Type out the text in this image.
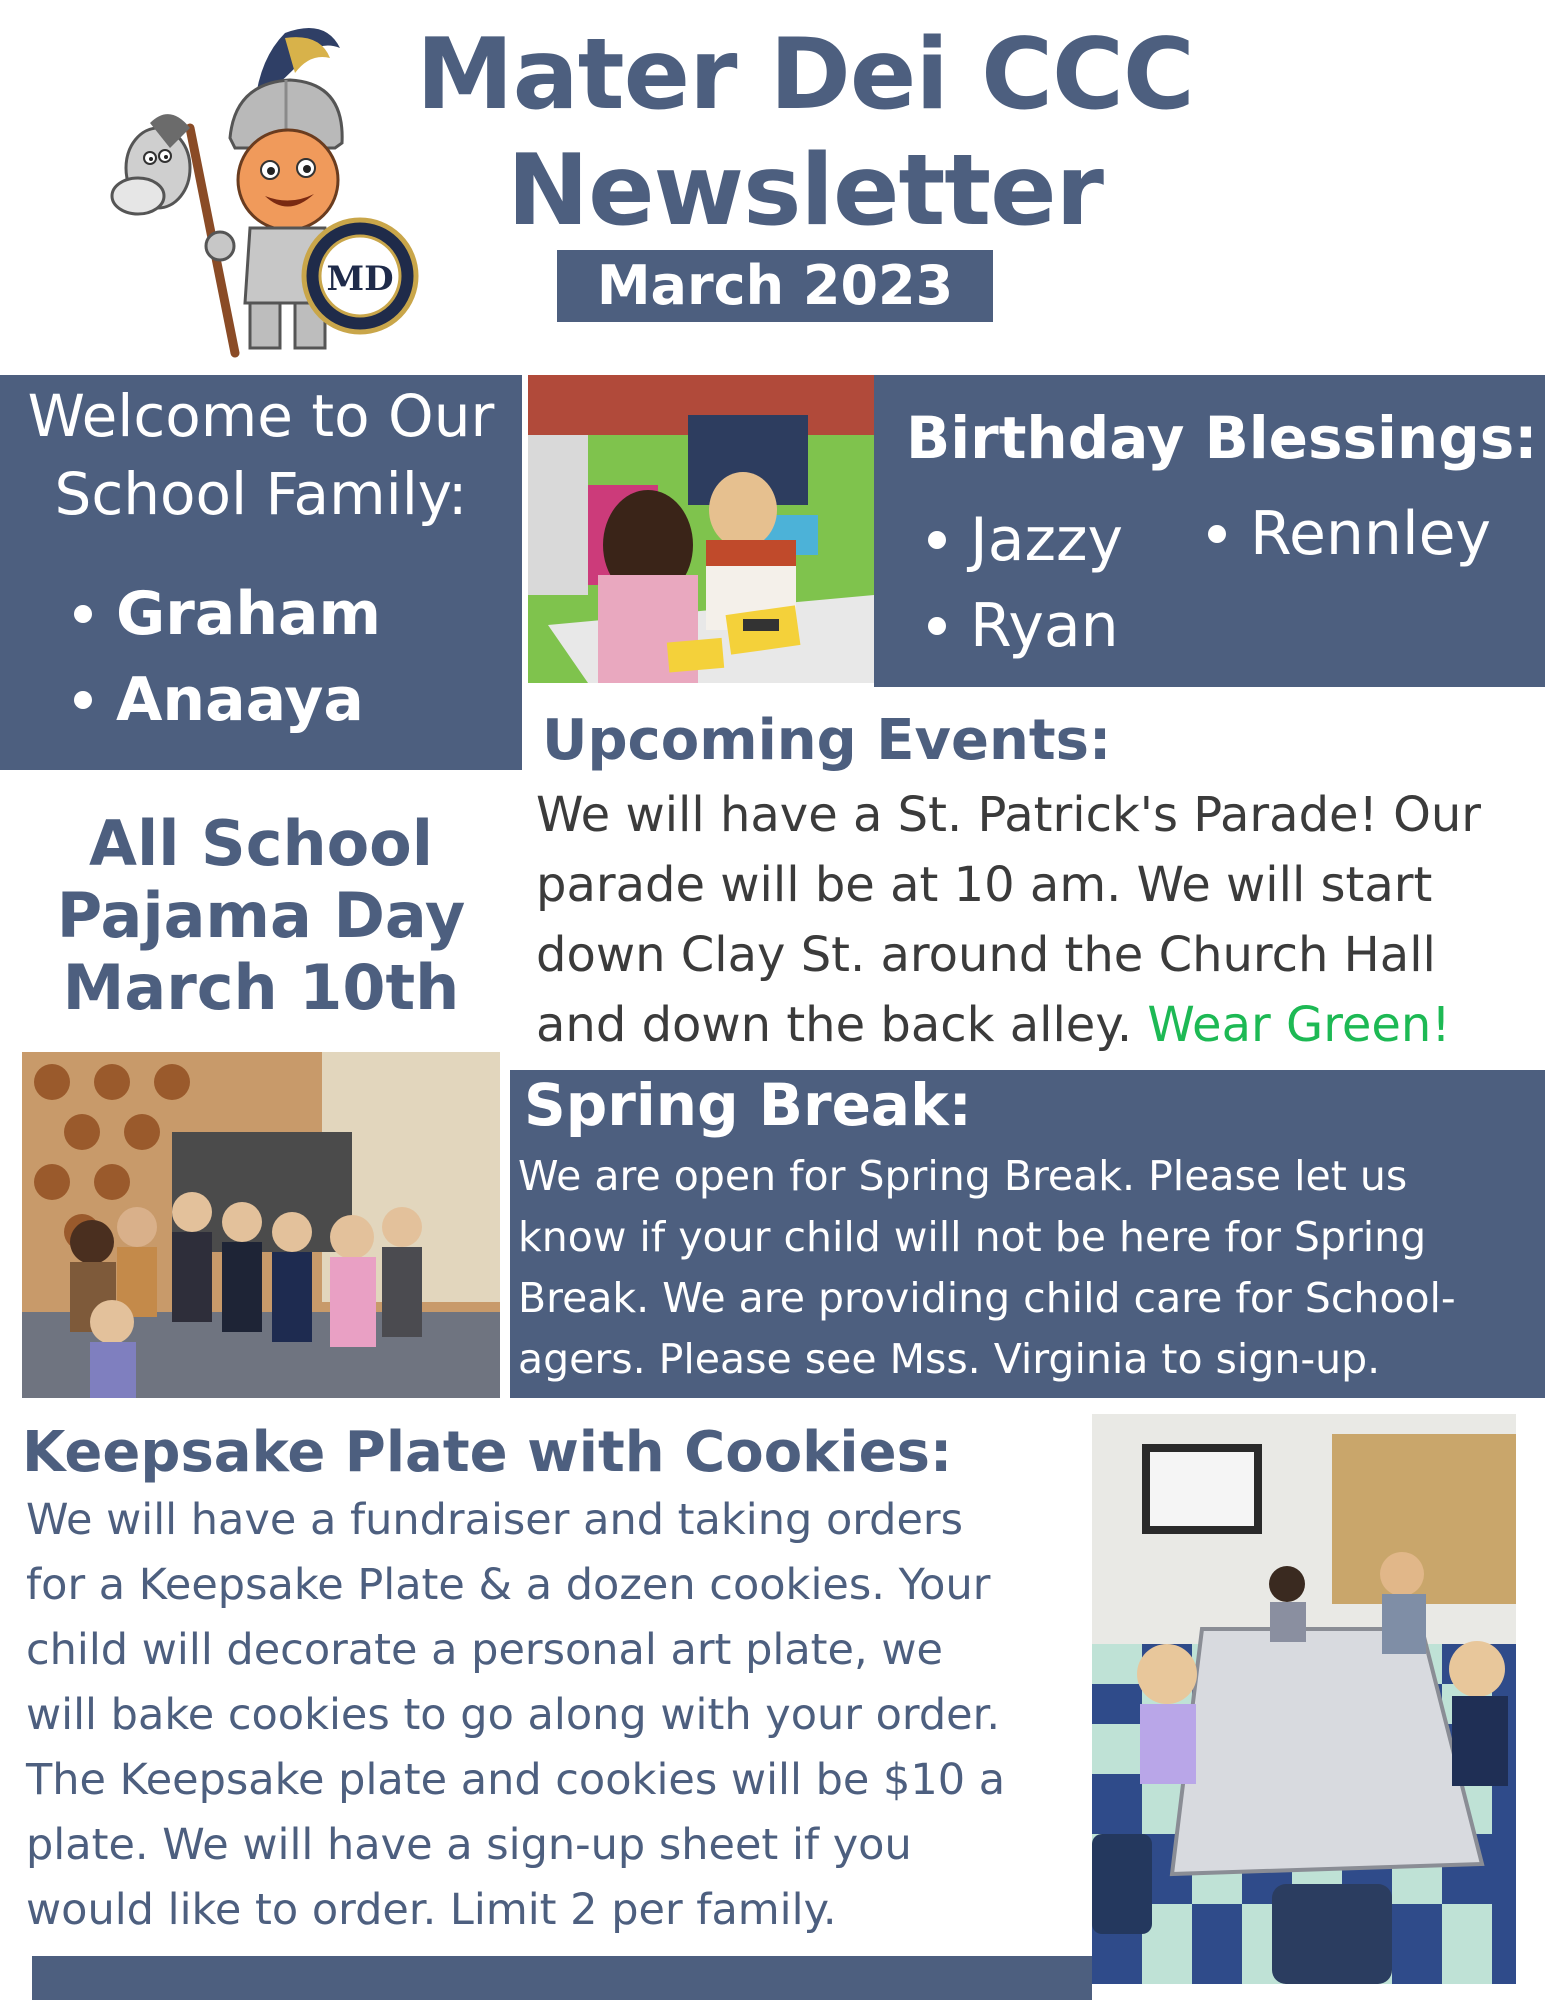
MD
Mater Dei CCC
Newsletter
March 2023
Welcome to Our
School Family:
Graham
Anaaya
Birthday Blessings:
Jazzy
Ryan
Rennley
Upcoming Events:
We will have a St. Patrick's Parade! Our
parade will be at 10 am. We will start
down Clay St. around the Church Hall
and down the back alley. Wear Green!
All School
Pajama Day
March 10th
Spring Break:
We are open for Spring Break. Please let us
know if your child will not be here for Spring
Break. We are providing child care for School-
agers. Please see Mss. Virginia to sign-up.
Keepsake Plate with Cookies:
We will have a fundraiser and taking orders
for a Keepsake Plate & a dozen cookies. Your
child will decorate a personal art plate, we
will bake cookies to go along with your order.
The Keepsake plate and cookies will be $10 a
plate. We will have a sign-up sheet if you
would like to order. Limit 2 per family.
